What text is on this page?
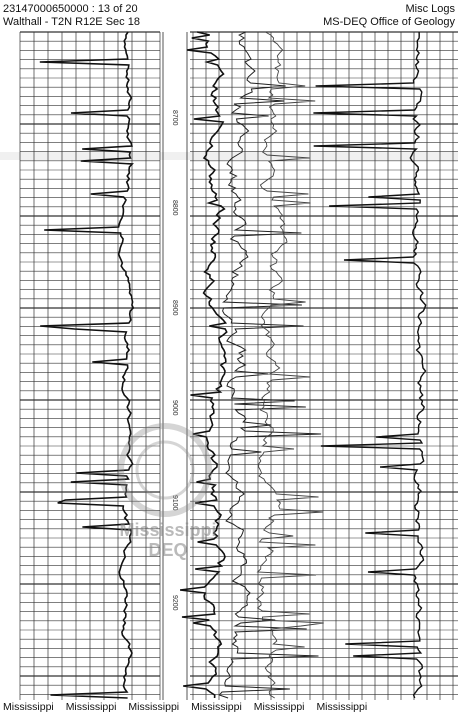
23147000650000 : 13 of 20
Walthall - T2N R12E Sec 18
Misc Logs
MS-DEQ Office of Geology
8700
8800
8900
9000
9100
9200
Mississippi
DEQ
Mississippi Mississippi Mississippi Mississippi Mississippi Mississippi
